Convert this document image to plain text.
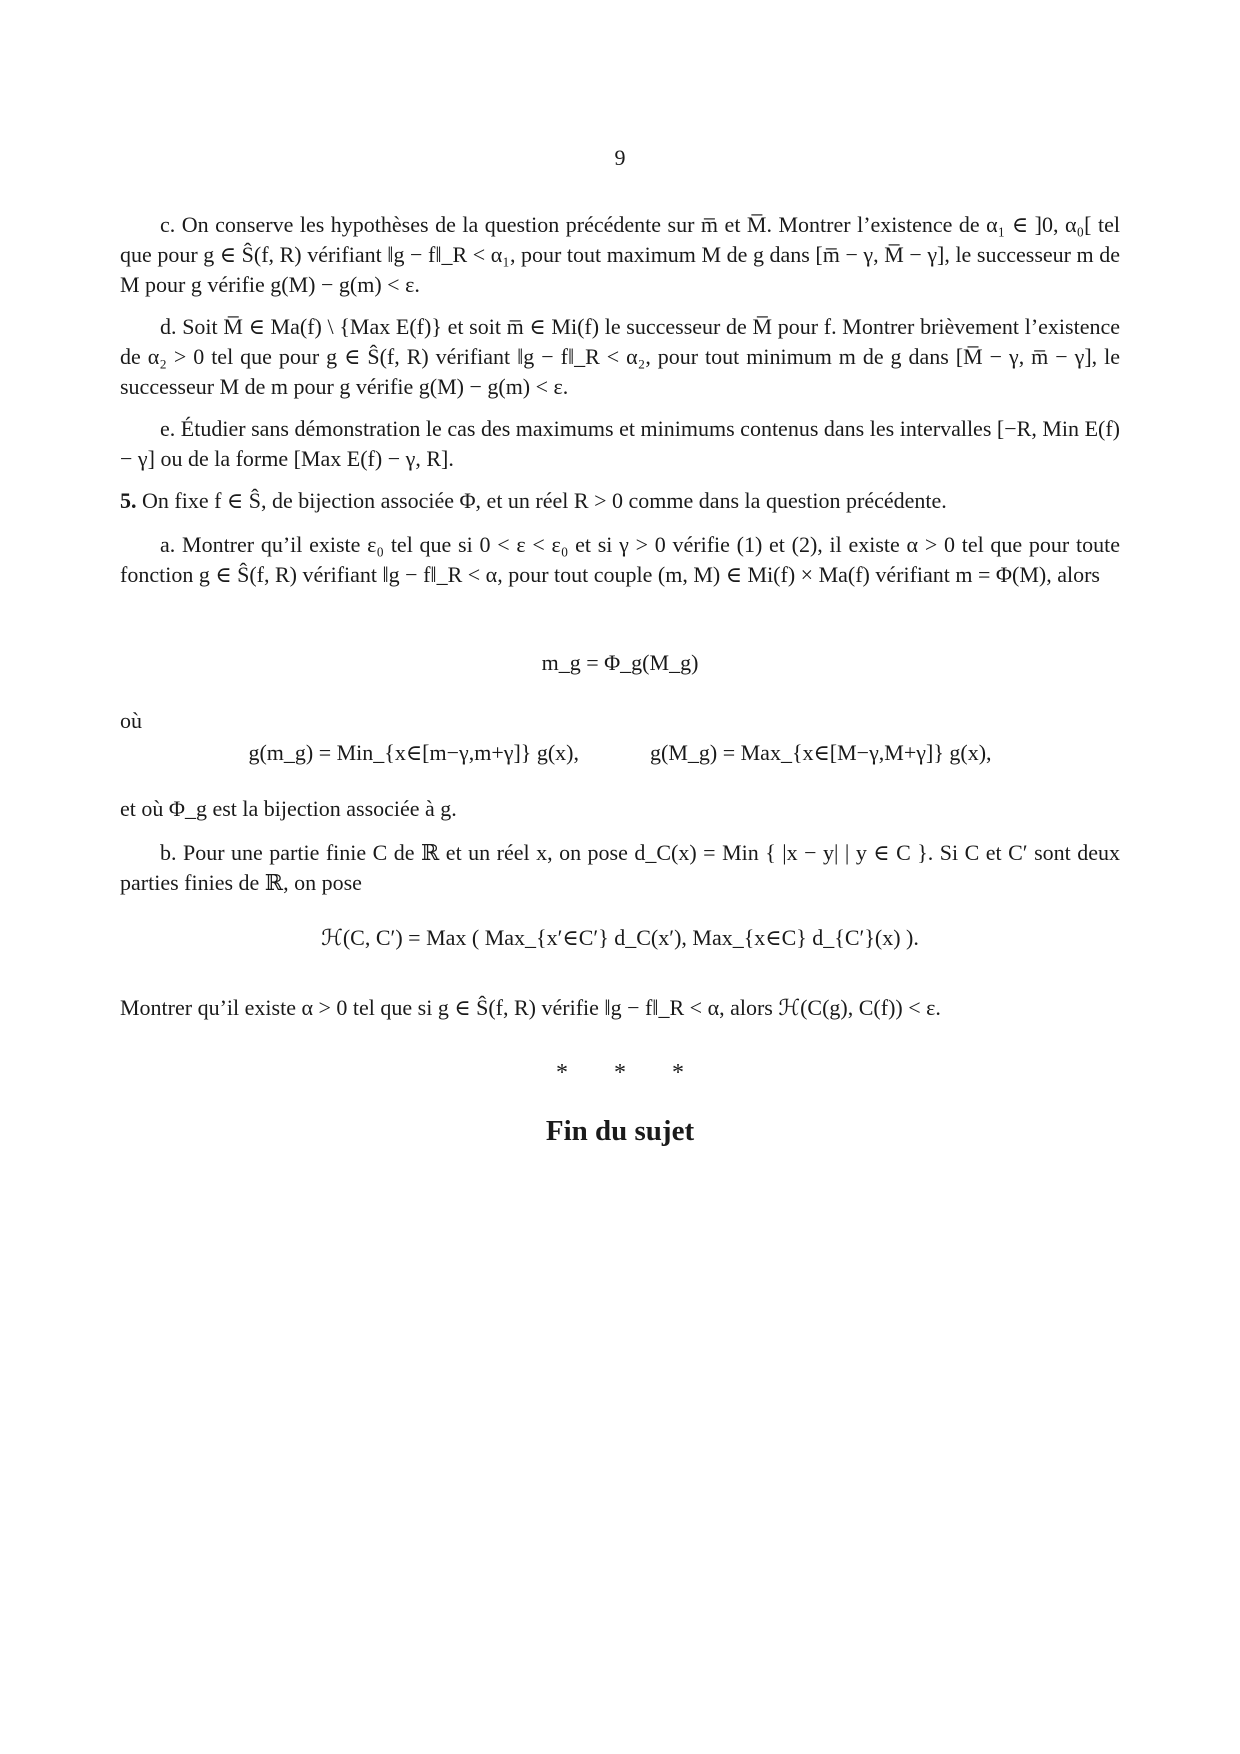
9

c. On conserve les hypothèses de la question précédente sur m̅ et M̅. Montrer l’existence de α₁ ∈ ]0, α₀[ tel que pour g ∈ Ŝ(f, R) vérifiant ‖g − f‖_R < α₁, pour tout maximum M de g dans [m̅ − γ, M̅ − γ], le successeur m de M pour g vérifie g(M) − g(m) < ε.

d. Soit M̅ ∈ Ma(f) \ {Max E(f)} et soit m̅ ∈ Mi(f) le successeur de M̅ pour f. Montrer brièvement l’existence de α₂ > 0 tel que pour g ∈ Ŝ(f, R) vérifiant ‖g − f‖_R < α₂, pour tout minimum m de g dans [M̅ − γ, m̅ − γ], le successeur M de m pour g vérifie g(M) − g(m) < ε.

e. Étudier sans démonstration le cas des maximums et minimums contenus dans les intervalles [−R, Min E(f) − γ] ou de la forme [Max E(f) − γ, R].

5. On fixe f ∈ Ŝ, de bijection associée Φ, et un réel R > 0 comme dans la question précédente.

a. Montrer qu’il existe ε₀ tel que si 0 < ε < ε₀ et si γ > 0 vérifie (1) et (2), il existe α > 0 tel que pour toute fonction g ∈ Ŝ(f, R) vérifiant ‖g − f‖_R < α, pour tout couple (m, M) ∈ Mi(f) × Ma(f) vérifiant m = Φ(M), alors

m_g = Φ_g(M_g)
où
g(m_g) = Min_{x∈[m−γ,m+γ]} g(x),	g(M_g) = Max_{x∈[M−γ,M+γ]} g(x),

et où Φ_g est la bijection associée à g.

b. Pour une partie finie C de ℝ et un réel x, on pose d_C(x) = Min { |x − y| | y ∈ C }. Si C et C′ sont deux parties finies de ℝ, on pose

ℋ(C, C′) = Max ( Max_{x′∈C′} d_C(x′), Max_{x∈C} d_{C′}(x) ).

Montrer qu’il existe α > 0 tel que si g ∈ Ŝ(f, R) vérifie ‖g − f‖_R < α, alors ℋ(C(g), C(f)) < ε.

* * *
Fin du sujet
